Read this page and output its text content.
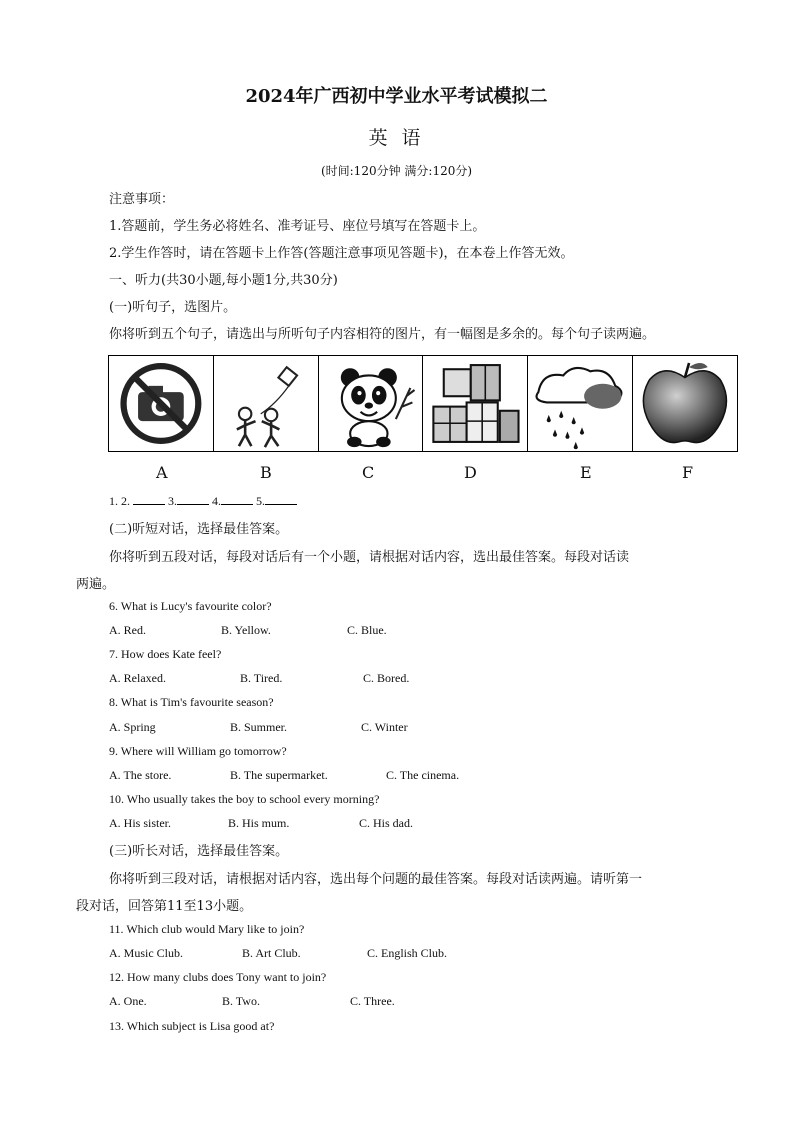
2024年广西初中学业水平考试模拟二
英 语
(时间:120分钟 满分:120分)
注意事项：
1.答题前，学生务必将姓名、准考证号、座位号填写在答题卡上。
2.学生作答时，请在答题卡上作答(答题注意事项见答题卡)，在本卷上作答无效。
一、听力(共30小题,每小题1分,共30分)
(一)听句子，选图片。
你将听到五个句子，请选出与所听句子内容相符的图片，有一幅图是多余的。每个句子读两遍。
A	B	C	D	E	F
1. 2.	3.	4.	5.
(二)听短对话，选择最佳答案。
你将听到五段对话，每段对话后有一个小题，请根据对话内容，选出最佳答案。每段对话读
两遍。
6. What is Lucy's favourite color?
A. Red.	B. Yellow.	C. Blue.
7. How does Kate feel?
A. Relaxed.	B. Tired.	C. Bored.
8. What is Tim's favourite season?
A. Spring	B. Summer.	C. Winter
9. Where will William go tomorrow?
A. The store.	B. The supermarket.	C. The cinema.
10. Who usually takes the boy to school every morning?
A. His sister.	B. His mum.	C. His dad.
(三)听长对话，选择最佳答案。
你将听到三段对话，请根据对话内容，选出每个问题的最佳答案。每段对话读两遍。请听第一
段对话，回答第11至13小题。
11. Which club would Mary like to join?
A. Music Club.	B. Art Club.	C. English Club.
12. How many clubs does Tony want to join?
A. One.	B. Two.	C. Three.
13. Which subject is Lisa good at?
